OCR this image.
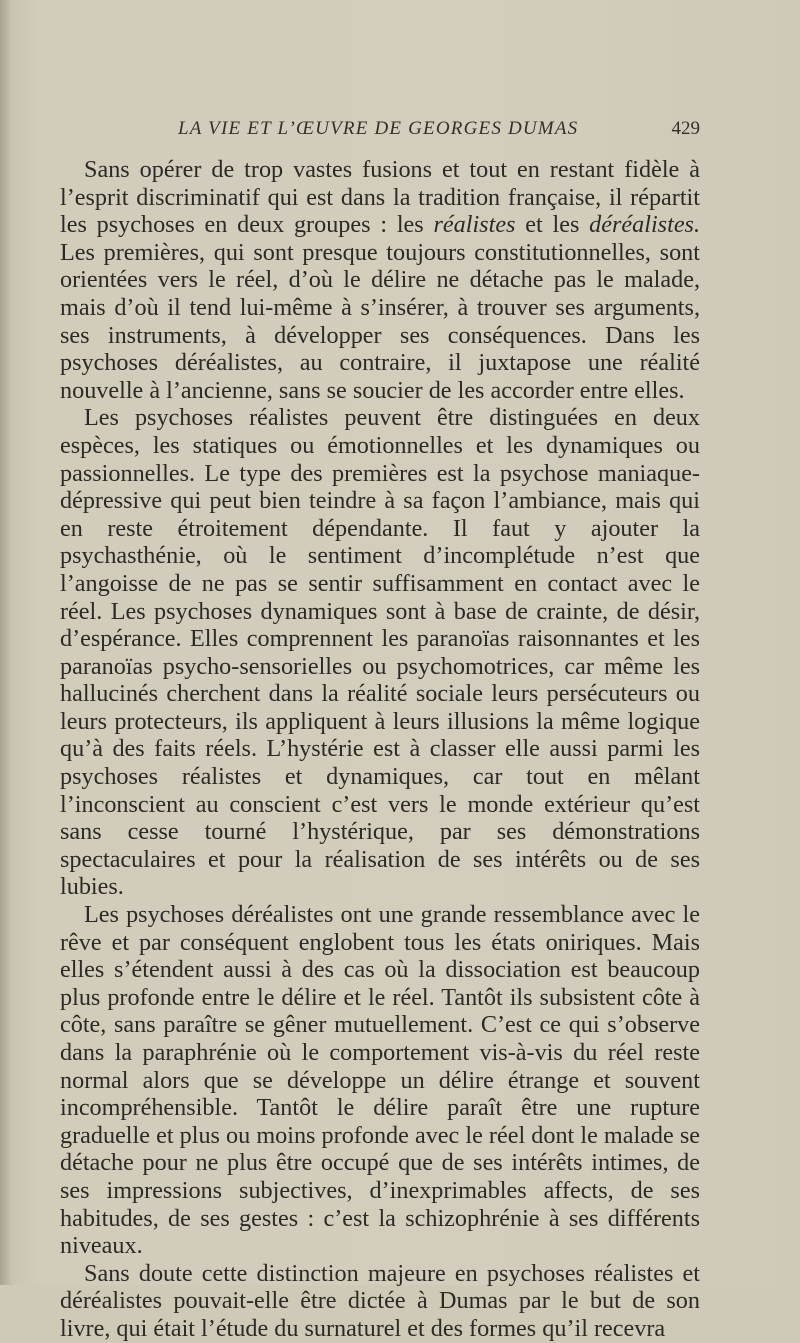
LA VIE ET L’ŒUVRE DE GEORGES DUMAS	429

Sans opérer de trop vastes fusions et tout en restant fidèle à l’esprit discriminatif qui est dans la tradition française, il répartit les psychoses en deux groupes : les réalistes et les déréalistes. Les premières, qui sont presque toujours constitutionnelles, sont orientées vers le réel, d’où le délire ne détache pas le malade, mais d’où il tend lui-même à s’insérer, à trouver ses arguments, ses instruments, à développer ses conséquences. Dans les psychoses déréalistes, au contraire, il juxtapose une réalité nouvelle à l’ancienne, sans se soucier de les accorder entre elles.

Les psychoses réalistes peuvent être distinguées en deux espèces, les statiques ou émotionnelles et les dynamiques ou passionnelles. Le type des premières est la psychose maniaque-dépressive qui peut bien teindre à sa façon l’ambiance, mais qui en reste étroitement dépendante. Il faut y ajouter la psychasthénie, où le sentiment d’incomplétude n’est que l’angoisse de ne pas se sentir suffisamment en contact avec le réel. Les psychoses dynamiques sont à base de crainte, de désir, d’espérance. Elles comprennent les paranoïas raisonnantes et les paranoïas psycho-sensorielles ou psychomotrices, car même les hallucinés cherchent dans la réalité sociale leurs persécuteurs ou leurs protecteurs, ils appliquent à leurs illusions la même logique qu’à des faits réels. L’hystérie est à classer elle aussi parmi les psychoses réalistes et dynamiques, car tout en mêlant l’inconscient au conscient c’est vers le monde extérieur qu’est sans cesse tourné l’hystérique, par ses démonstrations spectaculaires et pour la réalisation de ses intérêts ou de ses lubies.

Les psychoses déréalistes ont une grande ressemblance avec le rêve et par conséquent englobent tous les états oniriques. Mais elles s’étendent aussi à des cas où la dissociation est beaucoup plus profonde entre le délire et le réel. Tantôt ils subsistent côte à côte, sans paraître se gêner mutuellement. C’est ce qui s’observe dans la paraphrénie où le comportement vis-à-vis du réel reste normal alors que se développe un délire étrange et souvent incompréhensible. Tantôt le délire paraît être une rupture graduelle et plus ou moins profonde avec le réel dont le malade se détache pour ne plus être occupé que de ses intérêts intimes, de ses impressions subjectives, d’inexprimables affects, de ses habitudes, de ses gestes : c’est la schizophrénie à ses différents niveaux.

Sans doute cette distinction majeure en psychoses réalistes et déréalistes pouvait-elle être dictée à Dumas par le but de son livre, qui était l’étude du surnaturel et des formes qu’il recevra
